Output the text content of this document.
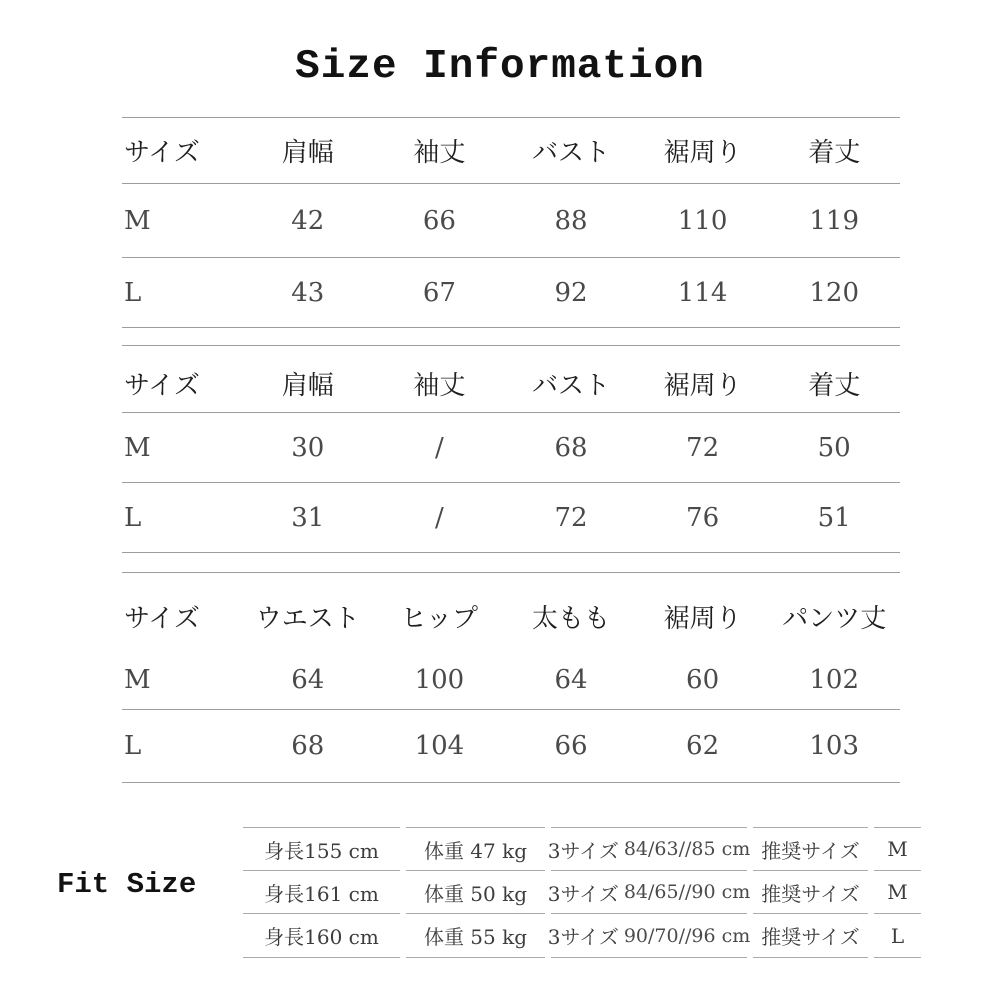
Size Information
サイズ	肩幅	袖丈	バスト	裾周り	着丈
M	42	66	88	110	119
L	43	67	92	114	120
サイズ	肩幅	袖丈	バスト	裾周り	着丈
M	30	/	68	72	50
L	31	/	72	76	51
サイズ	ウエスト	ヒップ	太もも	裾周り	パンツ丈
M	64	100	64	60	102
L	68	104	66	62	103
Fit Size
身長155 cm	体重 47 kg	3サイズ 84/63//85 cm 推奨サイズ	M
身長161 cm	体重 50 kg	3サイズ 84/65//90 cm 推奨サイズ	M
身長160 cm	体重 55 kg	3サイズ 90/70//96 cm 推奨サイズ	L
